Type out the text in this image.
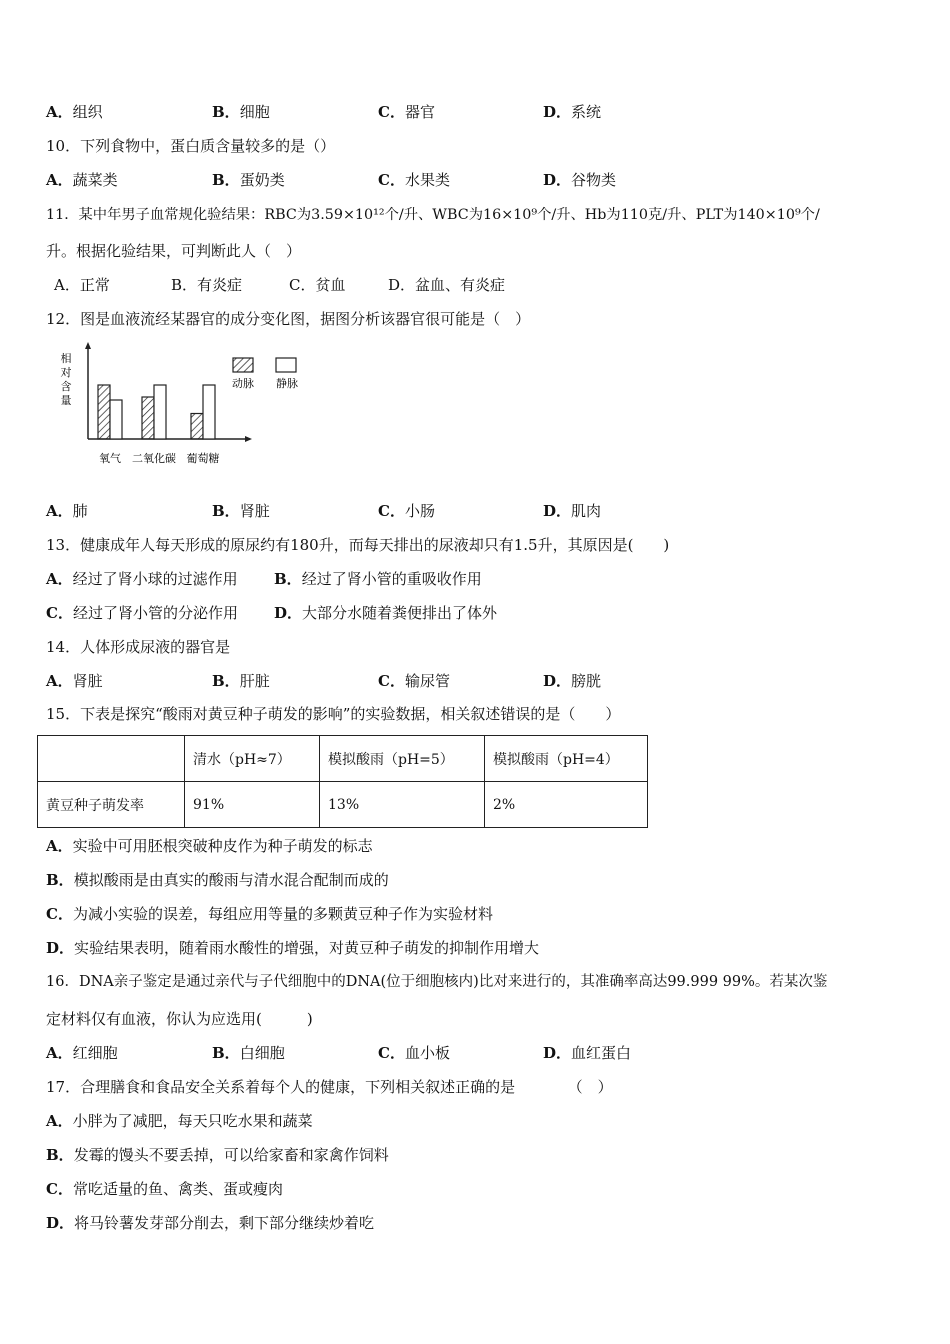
A．组织	B．细胞	C．器官	D．系统
10．下列食物中，蛋白质含量较多的是（）
A．蔬菜类	B．蛋奶类	C．水果类	D．谷物类
11．某中年男子血常规化验结果：RBC为3.59×10¹²个/升、WBC为16×10⁹个/升、Hb为110克/升、PLT为140×10⁹个/
升。根据化验结果，可判断此人（　）
A．正常	B．有炎症	C．贫血	D．盆血、有炎症
12．图是血液流经某器官的成分变化图，据图分析该器官很可能是（　）
相
对
含
量
氧气 二氧化碳 葡萄糖
动脉 静脉
A．肺	B．肾脏	C．小肠	D．肌肉
13．健康成年人每天形成的原尿约有180升，而每天排出的尿液却只有1.5升，其原因是(　　)
A．经过了肾小球的过滤作用 B．经过了肾小管的重吸收作用
C．经过了肾小管的分泌作用 D．大部分水随着粪便排出了体外
14．人体形成尿液的器官是
A．肾脏	B．肝脏	C．输尿管	D．膀胱
15．下表是探究“酸雨对黄豆种子萌发的影响”的实验数据，相关叙述错误的是（　　）
	清水（pH≈7）	模拟酸雨（pH=5）	模拟酸雨（pH=4）
黄豆种子萌发率	91%	13%	2%
A．实验中可用胚根突破种皮作为种子萌发的标志
B．模拟酸雨是由真实的酸雨与清水混合配制而成的
C．为减小实验的误差，每组应用等量的多颗黄豆种子作为实验材料
D．实验结果表明，随着雨水酸性的增强，对黄豆种子萌发的抑制作用增大
16．DNA亲子鉴定是通过亲代与子代细胞中的DNA(位于细胞核内)比对来进行的，其准确率高达99.999 99%。若某次鉴
定材料仅有血液，你认为应选用(　　　)
A．红细胞	B．白细胞	C．血小板	D．血红蛋白
17．合理膳食和食品安全关系着每个人的健康，下列相关叙述正确的是　　　　（　）
A．小胖为了减肥，每天只吃水果和蔬菜
B．发霉的馒头不要丢掉，可以给家畜和家禽作饲料
C．常吃适量的鱼、禽类、蛋或瘦肉
D．将马铃薯发芽部分削去，剩下部分继续炒着吃
